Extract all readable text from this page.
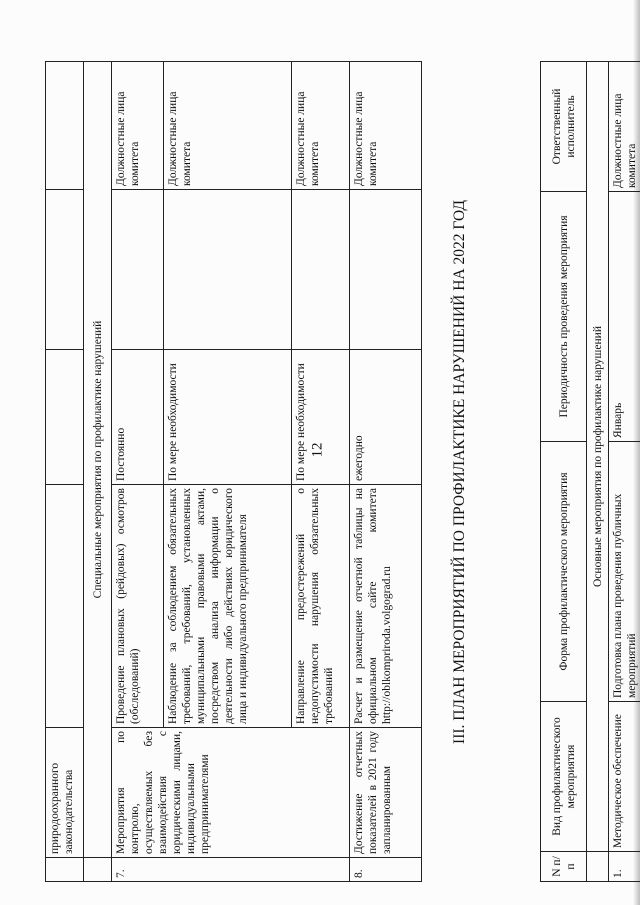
12
	природоохранного законодательства				
	Специальные мероприятия по профилактике нарушений				
7.	Мероприятия по контролю, осуществляемых без взаимодействия с юридическими лицами, индивидуальными предпринимателями	Проведение плановых (рейдовых) осмотров (обследований)	Постоянно		Должностные лица комитета
		Наблюдение за соблюдением обязательных требований, требований, установленных муниципальными правовыми актами, посредством анализа информации о деятельности либо действиях юридического лица и индивидуального предпринимателя	По мере необходимости		Должностные лица комитета
		Направление предостережений о недопустимости нарушения обязательных требований	По мере необходимости		Должностные лица комитета
8.	Достижение отчетных показателей в 2021 году запланированным	Расчет и размещение отчетной таблицы на официальном сайте комитета http://oblkompriroda.volgograd.ru	ежегодно		Должностные лица комитета
III. ПЛАН МЕРОПРИЯТИЙ ПО ПРОФИЛАКТИКЕ НАРУШЕНИЙ НА 2022 ГОД
N п/п	Вид профилактического мероприятия	Форма профилактического мероприятия	Периодичность проведения мероприятия	Ответственный исполнитель
	Основные мероприятия по профилактике нарушений			
1.	Методическое обеспечение	Подготовка плана проведения публичных мероприятий	Январь	Должностные лица комитета
